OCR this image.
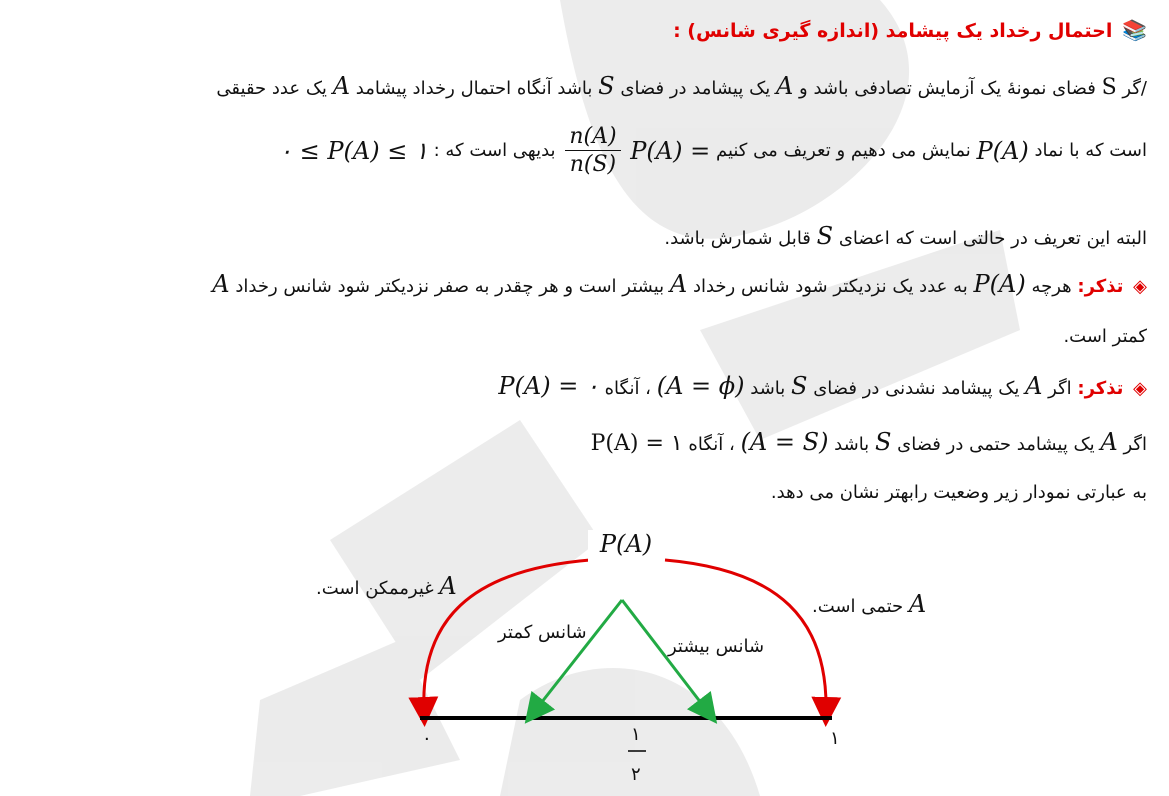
📚 احتمال رخداد یک پیشامد (اندازه گیری شانس) :
/گر S فضای نمونهٔ یک آزمایش تصادفی باشد و A یک پیشامد در فضای S باشد آنگاه احتمال رخداد پیشامد A یک عدد حقیقی
است که با نماد P(A) نمایش می دهیم و تعریف می کنیم P(A) =
$\frac{n(A)}{n(S)}$
بدیهی است که : ۰ ≤ P(A) ≤ ۱
البته این تعریف در حالتی است که اعضای S قابل شمارش باشد.
◈ تذکر: هرچه P(A) به عدد یک نزدیکتر شود شانس رخداد A بیشتر است و هر چقدر به صفر نزدیکتر شود شانس رخداد A
کمتر است.
◈ تذکر: اگر A یک پیشامد نشدنی در فضای S باشد (A = ϕ) ، آنگاه P(A) = ۰
اگر A یک پیشامد حتمی در فضای S باشد (A = S) ، آنگاه P(A) = ۱
به عبارتی نمودار زیر وضعیت رابهتر نشان می دهد.
P(A)
A غیرممکن است.
A حتمی است.
شانس کمتر
شانس بیشتر
۰	۱
۲
۱
